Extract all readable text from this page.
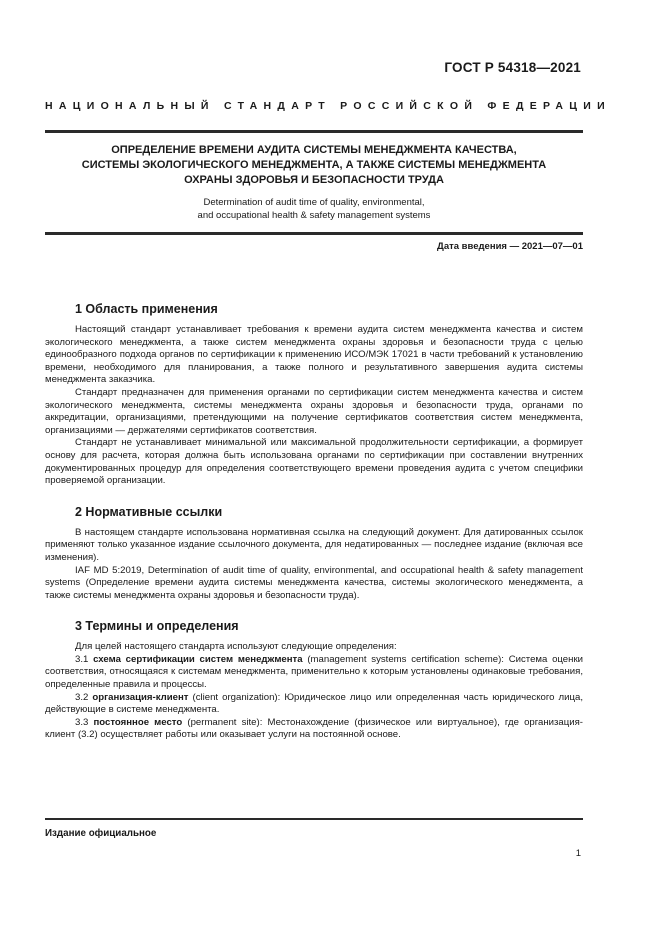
ГОСТ Р 54318—2021
НАЦИОНАЛЬНЫЙ СТАНДАРТ РОССИЙСКОЙ ФЕДЕРАЦИИ
ОПРЕДЕЛЕНИЕ ВРЕМЕНИ АУДИТА СИСТЕМЫ МЕНЕДЖМЕНТА КАЧЕСТВА,
СИСТЕМЫ ЭКОЛОГИЧЕСКОГО МЕНЕДЖМЕНТА, А ТАКЖЕ СИСТЕМЫ МЕНЕДЖМЕНТА
ОХРАНЫ ЗДОРОВЬЯ И БЕЗОПАСНОСТИ ТРУДА
Determination of audit time of quality, environmental,
and occupational health & safety management systems
Дата введения — 2021—07—01
1 Область применения

Настоящий стандарт устанавливает требования к времени аудита систем менеджмента качества и систем экологического менеджмента, а также систем менеджмента охраны здоровья и безопасности труда с целью единообразного подхода органов по сертификации к применению ИСО/МЭК 17021 в части требований к установлению времени, необходимого для планирования, а также полного и результативного завершения аудита системы менеджмента заказчика.

Стандарт предназначен для применения органами по сертификации систем менеджмента качества и систем экологического менеджмента, системы менеджмента охраны здоровья и безопасности труда, органами по аккредитации, организациями, претендующими на получение сертификатов соответствия систем менеджмента, организациями — держателями сертификатов соответствия.

Стандарт не устанавливает минимальной или максимальной продолжительности сертификации, а формирует основу для расчета, которая должна быть использована органами по сертификации при составлении внутренних документированных процедур для определения соответствующего времени проведения аудита с учетом специфики проверяемой организации.

2 Нормативные ссылки

В настоящем стандарте использована нормативная ссылка на следующий документ. Для датированных ссылок применяют только указанное издание ссылочного документа, для недатированных — последнее издание (включая все изменения).

IAF MD 5:2019, Determination of audit time of quality, environmental, and occupational health & safety management systems (Определение времени аудита системы менеджмента качества, системы экологического менеджмента, а также системы менеджмента охраны здоровья и безопасности труда).

3 Термины и определения

Для целей настоящего стандарта используют следующие определения:

3.1 схема сертификации систем менеджмента (management systems certification scheme): Система оценки соответствия, относящаяся к системам менеджмента, применительно к которым установлены одинаковые требования, определенные правила и процессы.

3.2 организация-клиент (client organization): Юридическое лицо или определенная часть юридического лица, действующие в системе менеджмента.

3.3 постоянное место (permanent site): Местонахождение (физическое или виртуальное), где организация-клиент (3.2) осуществляет работы или оказывает услуги на постоянной основе.

Издание официальное
1
